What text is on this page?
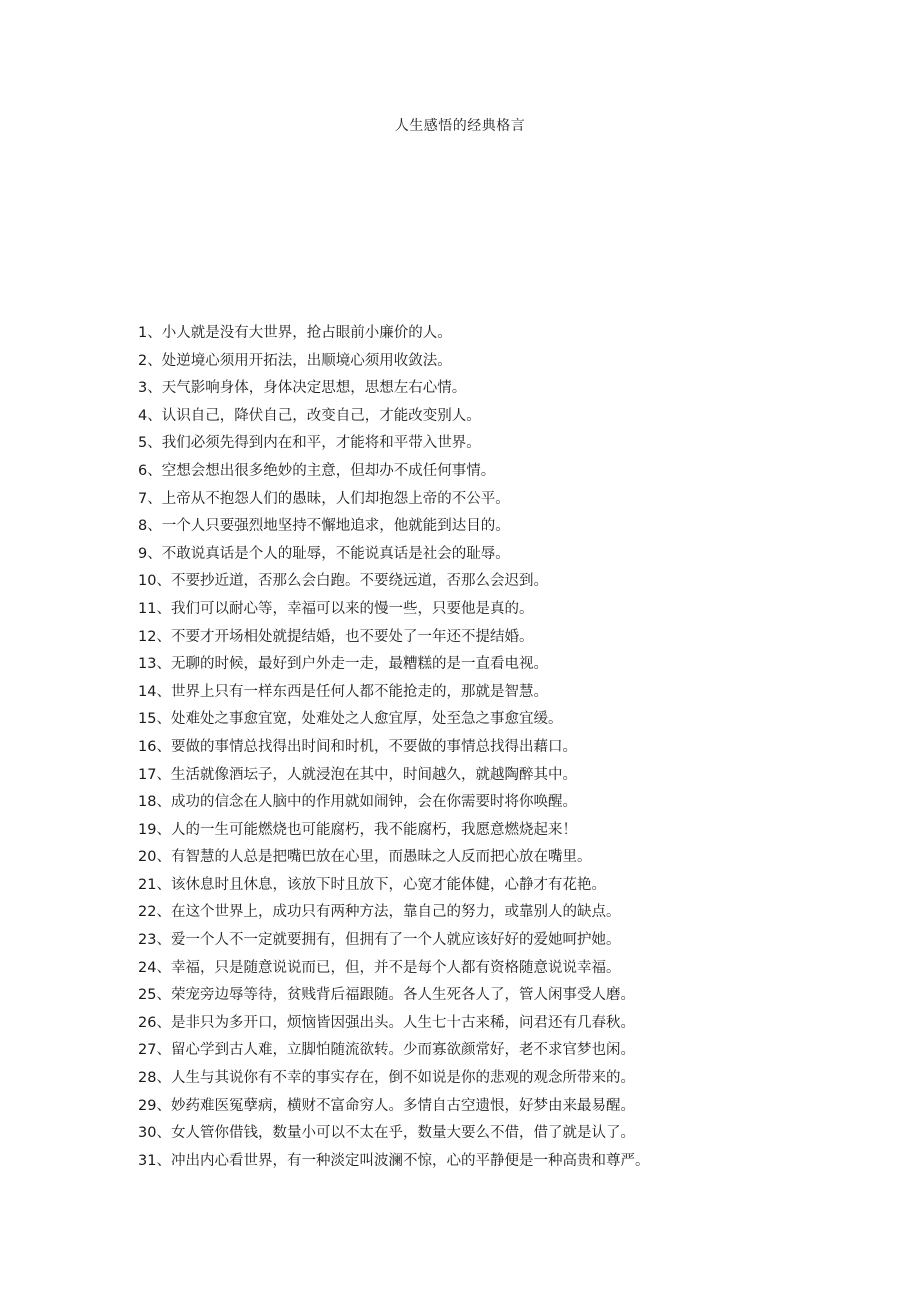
人生感悟的经典格言
1、 小人就是没有大世界，抢占眼前小廉价的人。
2、 处逆境心须用开拓法，出顺境心须用收敛法。
3、 天气影响身体，身体决定思想，思想左右心情。
4、 认识自己，降伏自己，改变自己，才能改变别人。
5、 我们必须先得到内在和平，才能将和平带入世界。
6、 空想会想出很多绝妙的主意，但却办不成任何事情。
7、 上帝从不抱怨人们的愚昧，人们却抱怨上帝的不公平。
8、 一个人只要强烈地坚持不懈地追求，他就能到达目的。
9、 不敢说真话是个人的耻辱，不能说真话是社会的耻辱。
10、 不要抄近道，否那么会白跑。不要绕远道，否那么会迟到。
11、 我们可以耐心等，幸福可以来的慢一些，只要他是真的。
12、 不要才开场相处就提结婚，也不要处了一年还不提结婚。
13、 无聊的时候，最好到户外走一走，最糟糕的是一直看电视。
14、 世界上只有一样东西是任何人都不能抢走的，那就是智慧。
15、 处难处之事愈宜宽，处难处之人愈宜厚，处至急之事愈宜缓。
16、 要做的事情总找得出时间和时机，不要做的事情总找得出藉口。
17、 生活就像酒坛子，人就浸泡在其中，时间越久，就越陶醉其中。
18、 成功的信念在人脑中的作用就如闹钟，会在你需要时将你唤醒。
19、 人的一生可能燃烧也可能腐朽，我不能腐朽，我愿意燃烧起来！
20、 有智慧的人总是把嘴巴放在心里，而愚昧之人反而把心放在嘴里。
21、 该休息时且休息，该放下时且放下，心宽才能体健，心静才有花艳。
22、 在这个世界上，成功只有两种方法，靠自己的努力，或靠别人的缺点。
23、 爱一个人不一定就要拥有，但拥有了一个人就应该好好的爱她呵护她。
24、 幸福，只是随意说说而已，但，并不是每个人都有资格随意说说幸福。
25、 荣宠旁边辱等待，贫贱背后福跟随。各人生死各人了，管人闲事受人磨。
26、 是非只为多开口，烦恼皆因强出头。人生七十古来稀，问君还有几春秋。
27、 留心学到古人难，立脚怕随流欲转。少而寡欲颜常好，老不求官梦也闲。
28、 人生与其说你有不幸的事实存在，倒不如说是你的悲观的观念所带来的。
29、 妙药难医冤孽病，横财不富命穷人。多情自古空遗恨，好梦由来最易醒。
30、 女人管你借钱，数量小可以不太在乎，数量大要么不借，借了就是认了。
31、 冲出内心看世界，有一种淡定叫波澜不惊，心的平静便是一种高贵和尊严。
